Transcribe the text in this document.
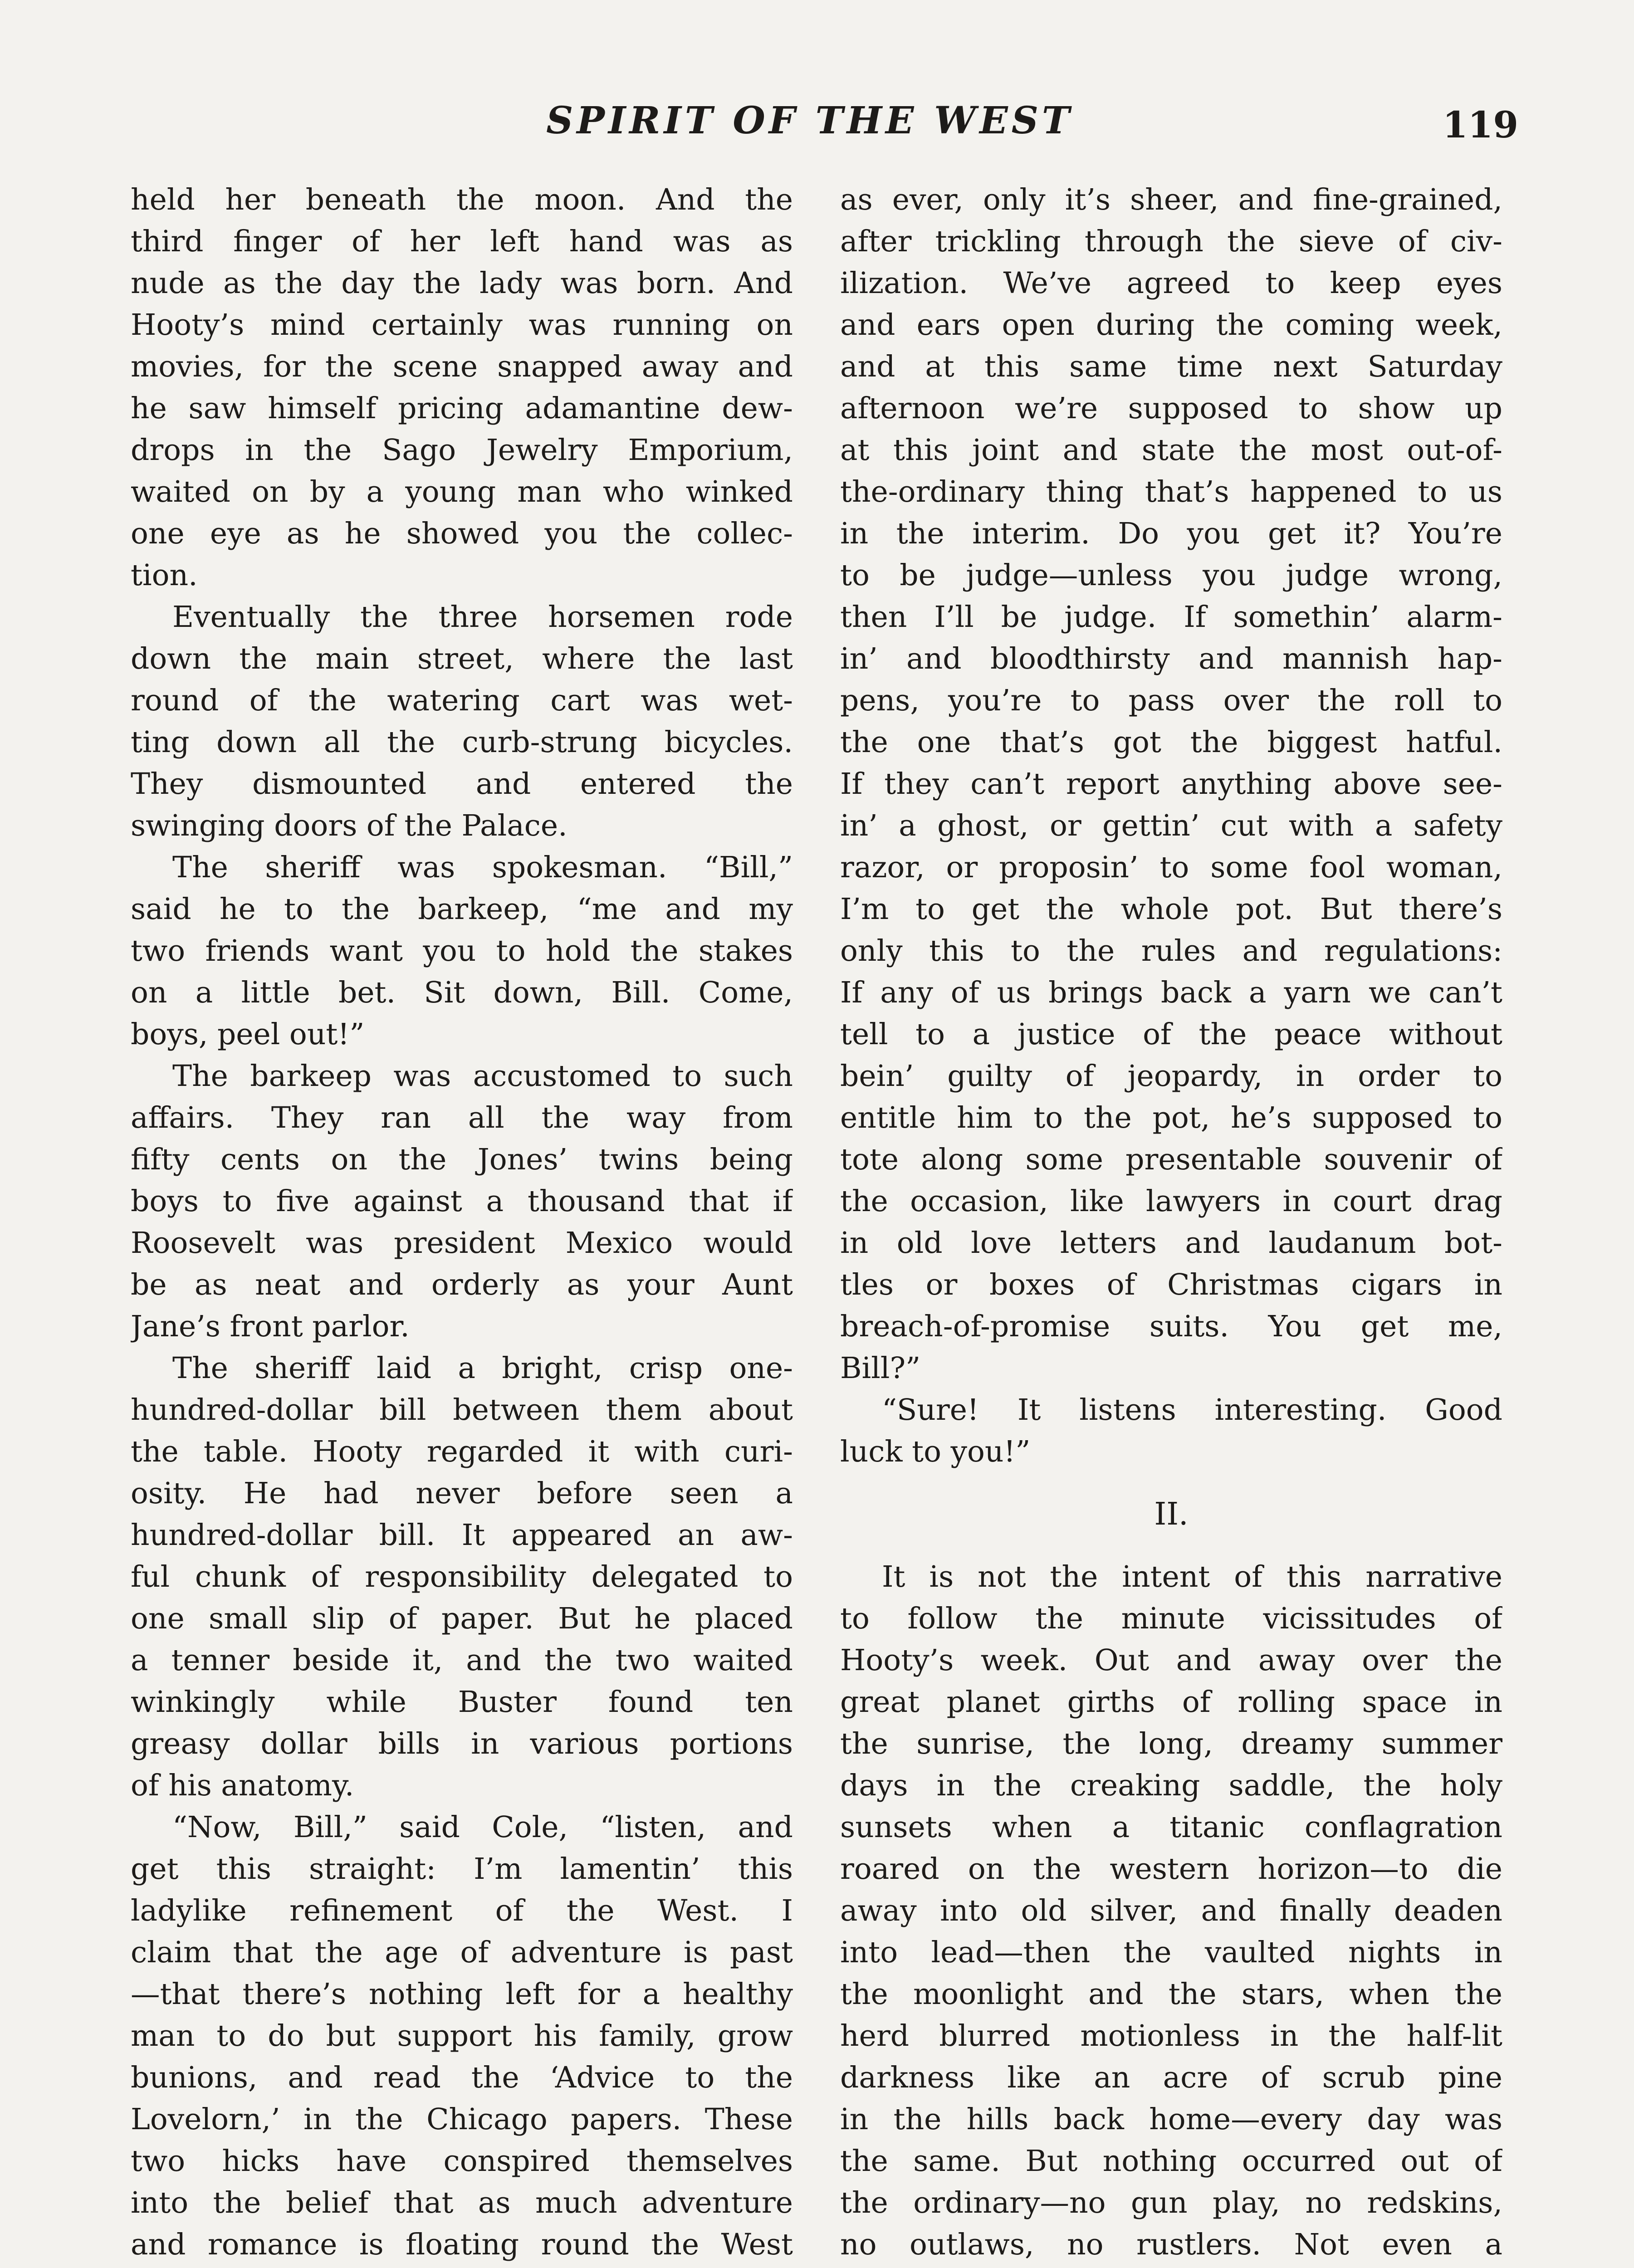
SPIRIT OF THE WEST	119
held her beneath the moon. And the
third finger of her left hand was as
nude as the day the lady was born. And
Hooty’s mind certainly was running on
movies, for the scene snapped away and
he saw himself pricing adamantine dew-
drops in the Sago Jewelry Emporium,
waited on by a young man who winked
one eye as he showed you the collec-
tion.
Eventually the three horsemen rode
down the main street, where the last
round of the watering cart was wet-
ting down all the curb-strung bicycles.
They dismounted and entered the
swinging doors of the Palace.
The sheriff was spokesman. “Bill,”
said he to the barkeep, “me and my
two friends want you to hold the stakes
on a little bet. Sit down, Bill. Come,
boys, peel out!”
The barkeep was accustomed to such
affairs. They ran all the way from
fifty cents on the Jones’ twins being
boys to five against a thousand that if
Roosevelt was president Mexico would
be as neat and orderly as your Aunt
Jane’s front parlor.
The sheriff laid a bright, crisp one-
hundred-dollar bill between them about
the table. Hooty regarded it with curi-
osity. He had never before seen a
hundred-dollar bill. It appeared an aw-
ful chunk of responsibility delegated to
one small slip of paper. But he placed
a tenner beside it, and the two waited
winkingly while Buster found ten
greasy dollar bills in various portions
of his anatomy.
“Now, Bill,” said Cole, “listen, and
get this straight: I’m lamentin’ this
ladylike refinement of the West. I
claim that the age of adventure is past
—that there’s nothing left for a healthy
man to do but support his family, grow
bunions, and read the ‘Advice to the
Lovelorn,’ in the Chicago papers. These
two hicks have conspired themselves
into the belief that as much adventure
and romance is floating round the West
as ever, only it’s sheer, and fine-grained,
after trickling through the sieve of civ-
ilization. We’ve agreed to keep eyes
and ears open during the coming week,
and at this same time next Saturday
afternoon we’re supposed to show up
at this joint and state the most out-of-
the-ordinary thing that’s happened to us
in the interim. Do you get it? You’re
to be judge—unless you judge wrong,
then I’ll be judge. If somethin’ alarm-
in’ and bloodthirsty and mannish hap-
pens, you’re to pass over the roll to
the one that’s got the biggest hatful.
If they can’t report anything above see-
in’ a ghost, or gettin’ cut with a safety
razor, or proposin’ to some fool woman,
I’m to get the whole pot. But there’s
only this to the rules and regulations:
If any of us brings back a yarn we can’t
tell to a justice of the peace without
bein’ guilty of jeopardy, in order to
entitle him to the pot, he’s supposed to
tote along some presentable souvenir of
the occasion, like lawyers in court drag
in old love letters and laudanum bot-
tles or boxes of Christmas cigars in
breach-of-promise suits. You get me,
Bill?”
“Sure! It listens interesting. Good
luck to you!”
II.
It is not the intent of this narrative
to follow the minute vicissitudes of
Hooty’s week. Out and away over the
great planet girths of rolling space in
the sunrise, the long, dreamy summer
days in the creaking saddle, the holy
sunsets when a titanic conflagration
roared on the western horizon—to die
away into old silver, and finally deaden
into lead—then the vaulted nights in
the moonlight and the stars, when the
herd blurred motionless in the half-lit
darkness like an acre of scrub pine
in the hills back home—every day was
the same. But nothing occurred out of
the ordinary—no gun play, no redskins,
no outlaws, no rustlers. Not even a
